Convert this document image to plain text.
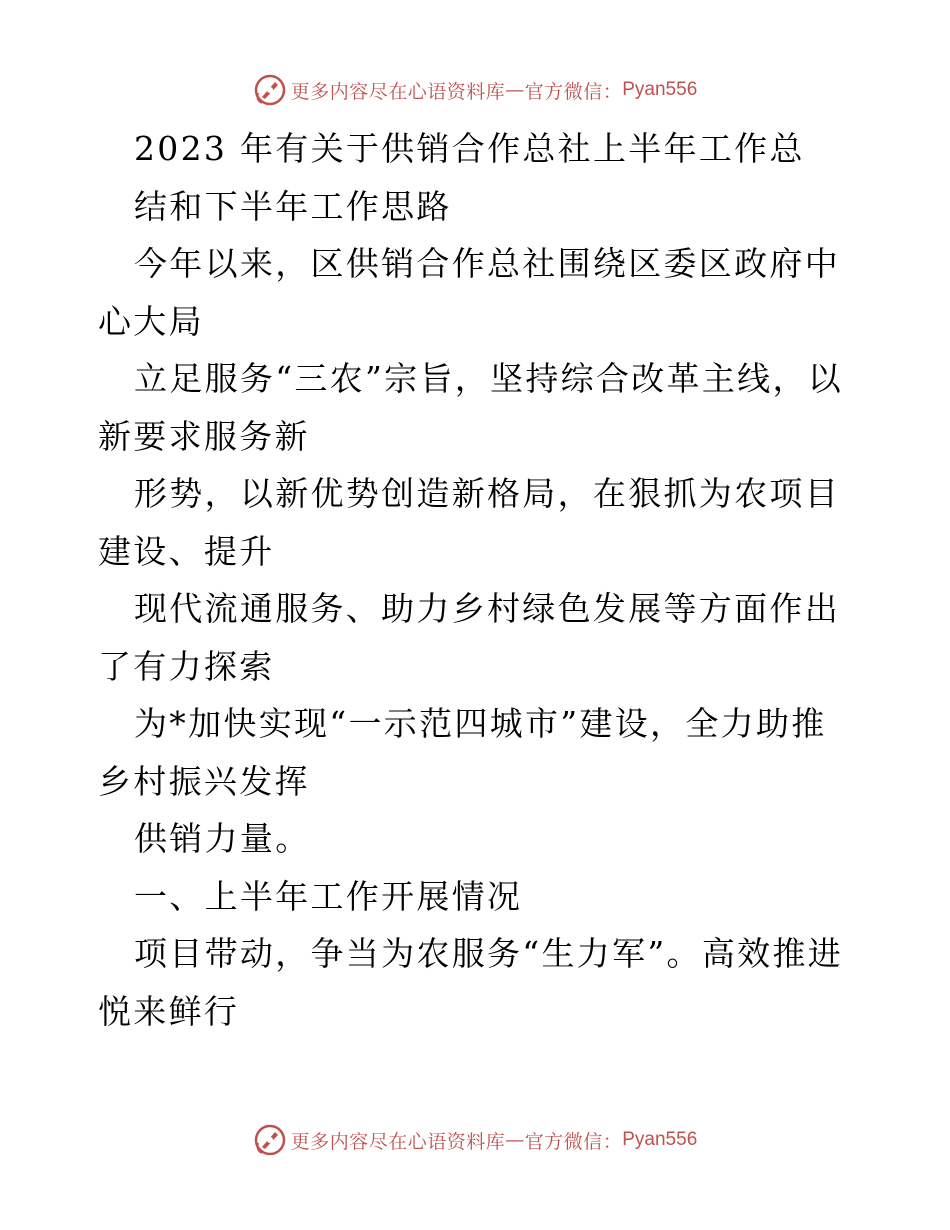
更多内容尽在心语资料库 — 官方微信： Pyan556

2023 年有关于供销合作总社上半年工作总

结和下半年工作思路

今年以来，区供销合作总社围绕区委区政府中心大局

立足服务“三农”宗旨，坚持综合改革主线，以新要求服务新

形势，以新优势创造新格局，在狠抓为农项目建设、提升

现代流通服务、助力乡村绿色发展等方面作出了有力探索

为*加快实现“一示范四城市”建设，全力助推乡村振兴发挥

供销力量。

一、上半年工作开展情况

项目带动，争当为农服务“生力军”。高效推进悦来鲜行

更多内容尽在心语资料库 — 官方微信： Pyan556
